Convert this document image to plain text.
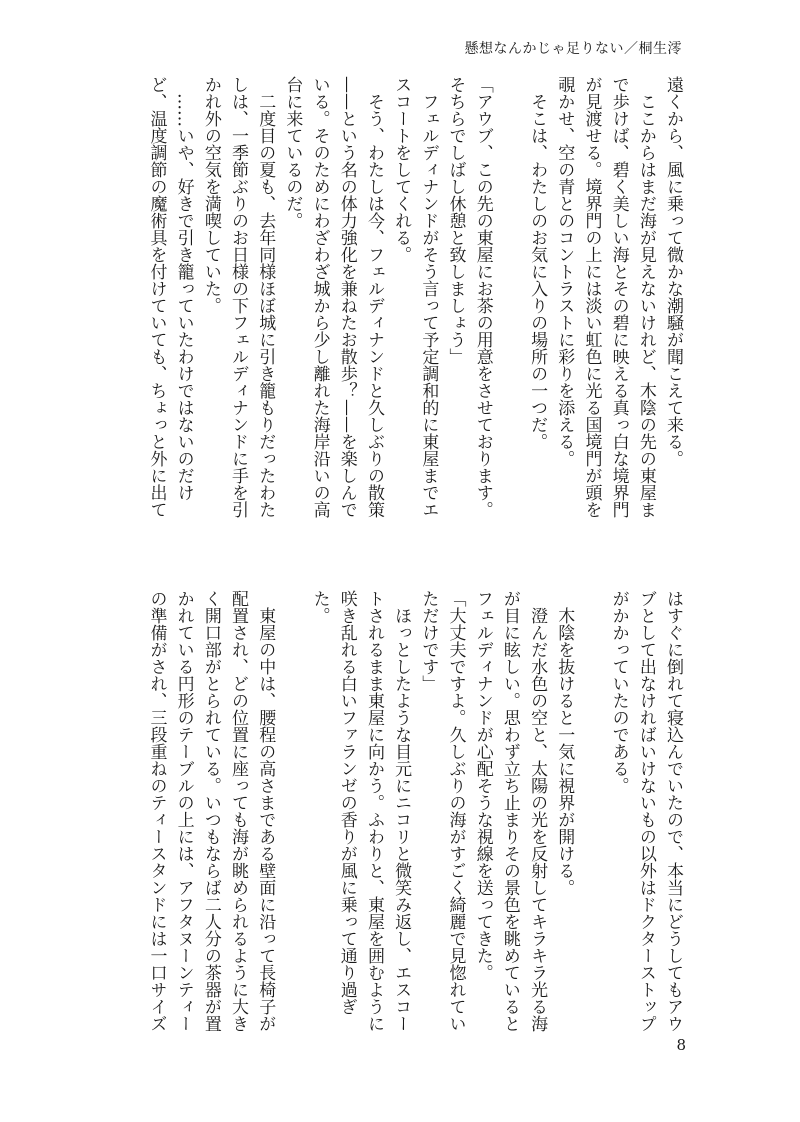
懸想なんかじゃ足りない／桐生澪
遠くから、風に乗って微かな潮騒が聞こえて来る。
　ここからはまだ海が見えないけれど、木陰の先の東屋ま
で歩けば、碧く美しい海とその碧に映える真っ白な境界門
が見渡せる。境界門の上には淡い虹色に光る国境門が頭を
覗かせ、空の青とのコントラストに彩りを添える。
　そこは、わたしのお気に入りの場所の一つだ。
「アウブ、この先の東屋にお茶の用意をさせております。
そちらでしばし休憩と致しましょう」
　フェルディナンドがそう言って予定調和的に東屋までエ
スコートをしてくれる。
　そう、わたしは今、フェルディナンドと久しぶりの散策
——という名の体力強化を兼ねたお散歩？——を楽しんで
いる。そのためにわざわざ城から少し離れた海岸沿いの高
台に来ているのだ。
　二度目の夏も、去年同様ほぼ城に引き籠もりだったわた
しは、一季節ぶりのお日様の下フェルディナンドに手を引
かれ外の空気を満喫していた。
　……いや、好きで引き籠っていたわけではないのだけ
ど、温度調節の魔術具を付けていても、ちょっと外に出て
はすぐに倒れて寝込んでいたので、本当にどうしてもアウ
ブとして出なければいけないもの以外はドクターストップ
がかかっていたのである。
　木陰を抜けると一気に視界が開ける。
　澄んだ水色の空と、太陽の光を反射してキラキラ光る海
が目に眩しい。思わず立ち止まりその景色を眺めていると
フェルディナンドが心配そうな視線を送ってきた。
「大丈夫ですよ。久しぶりの海がすごく綺麗で見惚れてい
ただけです」
　ほっとしたような目元にニコリと微笑み返し、エスコー
トされるまま東屋に向かう。ふわりと、東屋を囲むように
咲き乱れる白いファランゼの香りが風に乗って通り過ぎ
た。
　東屋の中は、腰程の高さまである壁面に沿って長椅子が
配置され、どの位置に座っても海が眺められるように大き
く開口部がとられている。いつもならば二人分の茶器が置
かれている円形のテーブルの上には、アフタヌーンティー
の準備がされ、三段重ねのティースタンドには一口サイズ
8
